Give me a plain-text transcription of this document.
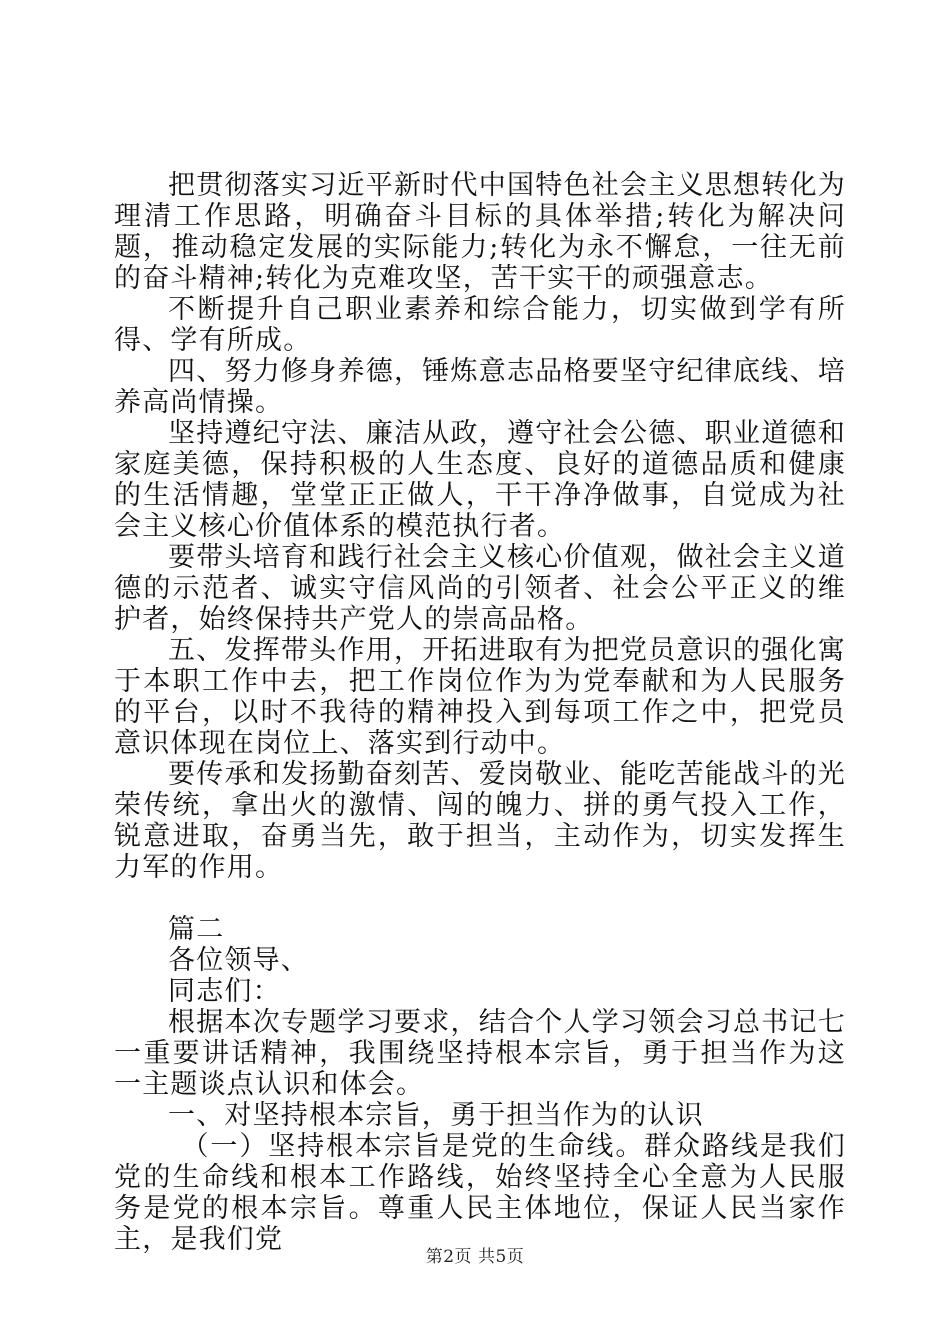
把贯彻落实习近平新时代中国特色社会主义思想转化为理清工作思路，明确奋斗目标的具体举措;转化为解决问题，推动稳定发展的实际能力;转化为永不懈怠，一往无前的奋斗精神;转化为克难攻坚，苦干实干的顽强意志。

不断提升自己职业素养和综合能力，切实做到学有所得、学有所成。

四、努力修身养德，锤炼意志品格要坚守纪律底线、培养高尚情操。

坚持遵纪守法、廉洁从政，遵守社会公德、职业道德和家庭美德，保持积极的人生态度、良好的道德品质和健康的生活情趣，堂堂正正做人，干干净净做事，自觉成为社会主义核心价值体系的模范执行者。

要带头培育和践行社会主义核心价值观，做社会主义道德的示范者、诚实守信风尚的引领者、社会公平正义的维护者，始终保持共产党人的崇高品格。

五、发挥带头作用，开拓进取有为把党员意识的强化寓于本职工作中去，把工作岗位作为为党奉献和为人民服务的平台，以时不我待的精神投入到每项工作之中，把党员意识体现在岗位上、落实到行动中。

要传承和发扬勤奋刻苦、爱岗敬业、能吃苦能战斗的光荣传统，拿出火的激情、闯的魄力、拼的勇气投入工作，锐意进取，奋勇当先，敢于担当，主动作为，切实发挥生力军的作用。

篇二

各位领导、

同志们：

根据本次专题学习要求，结合个人学习领会习总书记七一重要讲话精神，我围绕坚持根本宗旨，勇于担当作为这一主题谈点认识和体会。

一、对坚持根本宗旨，勇于担当作为的认识

（一）坚持根本宗旨是党的生命线。群众路线是我们党的生命线和根本工作路线，始终坚持全心全意为人民服务是党的根本宗旨。尊重人民主体地位，保证人民当家作主，是我们党

第2页 共5页
